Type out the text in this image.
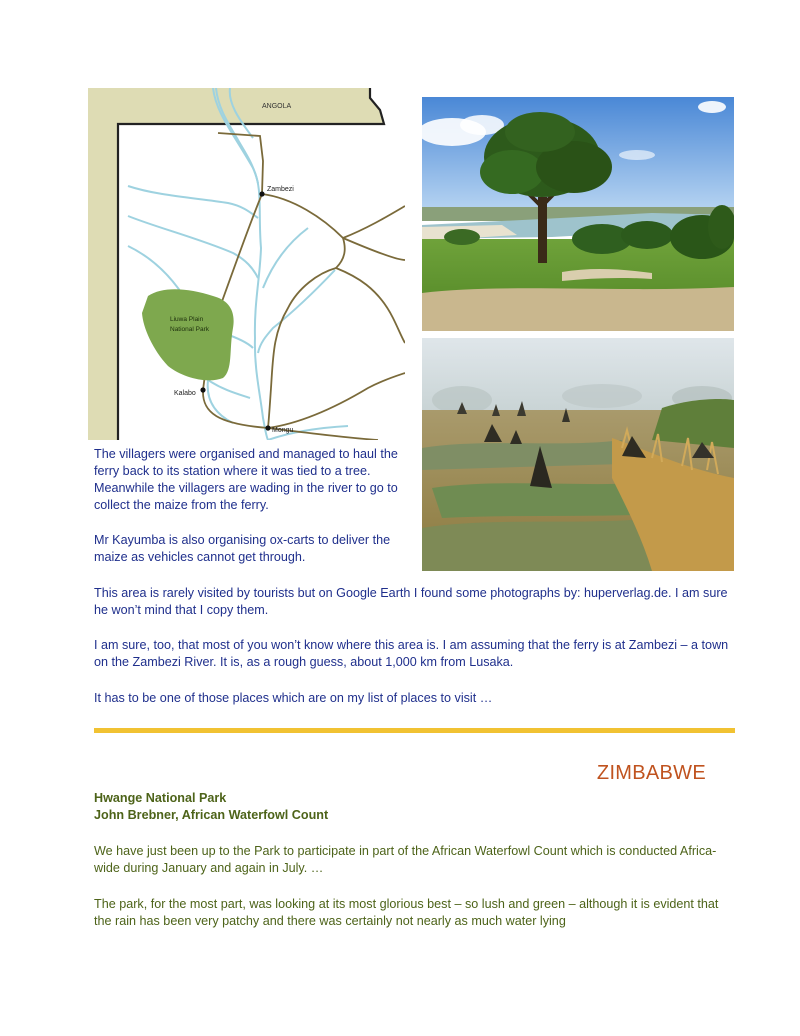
ANGOLA
Zambezi
Kalabo
Mongu
Liuwa Plain
National Park

The villagers were organised and managed to haul the ferry back to its station where it was tied to a tree. Meanwhile the villagers are wading in the river to go to collect the maize from the ferry.

Mr Kayumba is also organising ox-carts to deliver the maize as vehicles cannot get through.

This area is rarely visited by tourists but on Google Earth I found some photographs by: huperverlag.de. I am sure he won’t mind that I copy them.

I am sure, too, that most of you won’t know where this area is. I am assuming that the ferry is at Zambezi – a town on the Zambezi River. It is, as a rough guess, about 1,000 km from Lusaka.

It has to be one of those places which are on my list of places to visit …

ZIMBABWE
Hwange National Park
John Brebner, African Waterfowl Count

We have just been up to the Park to participate in part of the African Waterfowl Count which is conducted Africa-wide during January and again in July. …

The park, for the most part, was looking at its most glorious best – so lush and green – although it is evident that the rain has been very patchy and there was certainly not nearly as much water lying
